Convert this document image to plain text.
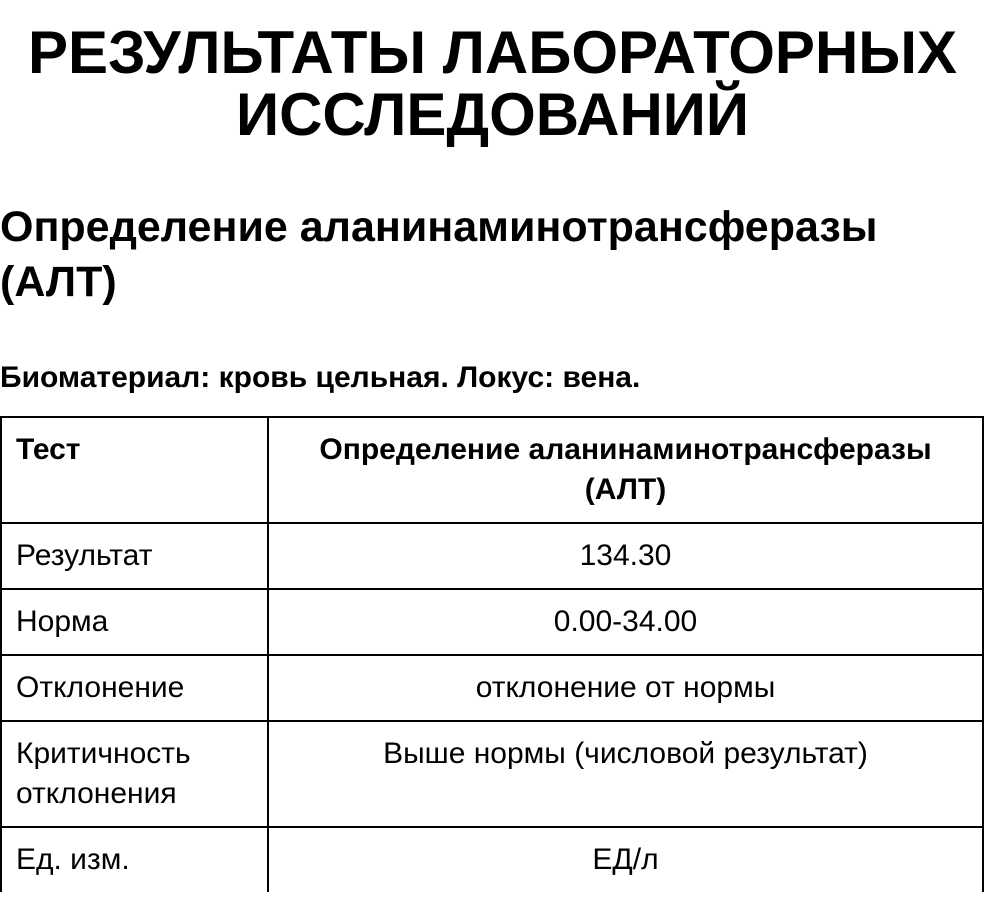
РЕЗУЛЬТАТЫ ЛАБОРАТОРНЫХ ИССЛЕДОВАНИЙ
Определение аланинаминотрансферазы (АЛТ)

Биоматериал: кровь цельная. Локус: вена.

Тест	Определение аланинаминотрансферазы (АЛТ)
Результат	134.30
Норма	0.00-34.00
Отклонение	отклонение от нормы
Критичность отклонения	Выше нормы (числовой результат)
Ед. изм.	ЕД/л
